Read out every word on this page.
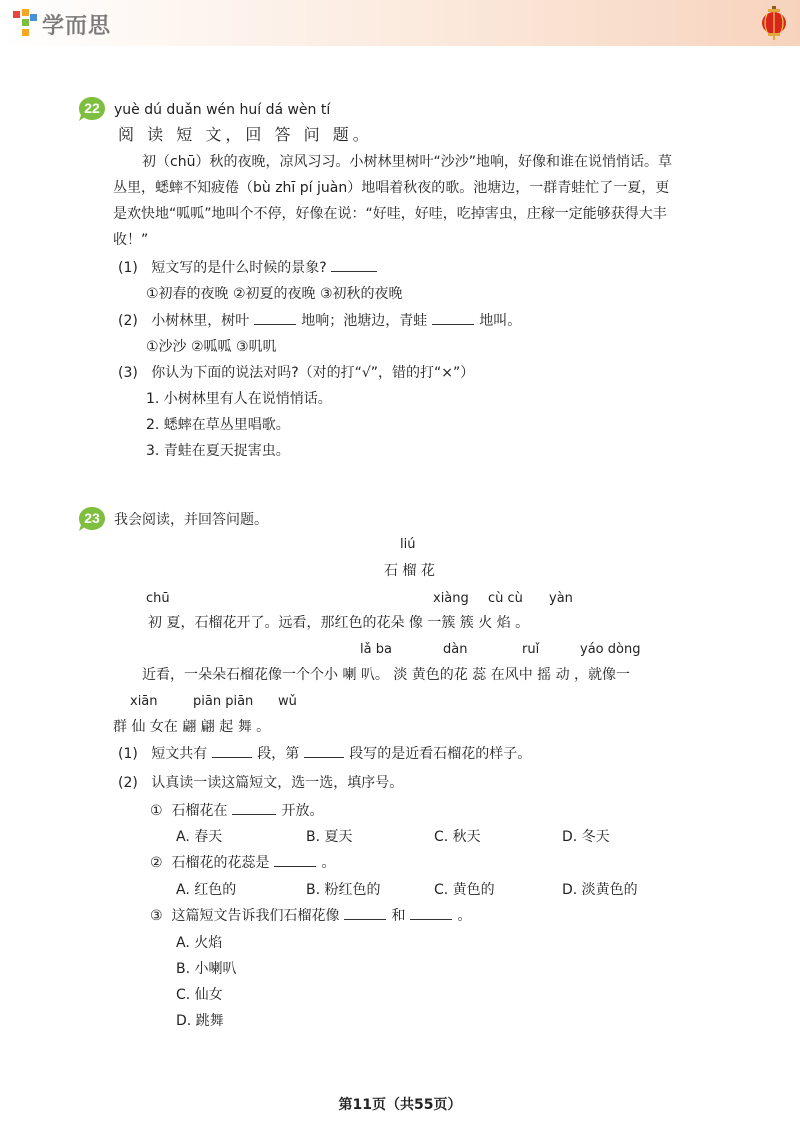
学而思
22 yuè dú duǎn wén huí dá wèn tí
阅 读 短 文，回 答 问 题。
初（chū）秋的夜晚，凉风习习。小树林里树叶“沙沙”地响，好像和谁在说悄悄话。草
丛里，蟋蟀不知疲倦（bù zhī pí juàn）地唱着秋夜的歌。池塘边，一群青蛙忙了一夏，更
是欢快地“呱呱”地叫个不停，好像在说：“好哇，好哇，吃掉害虫，庄稼一定能够获得大丰
收！”
(1) 短文写的是什么时候的景象?
①初春的夜晚 ②初夏的夜晚 ③初秋的夜晚
(2) 小树林里，树叶	地响；池塘边，青蛙	地叫。
①沙沙 ②呱呱 ③叽叽
(3) 你认为下面的说法对吗?（对的打“√”，错的打“×”）
1. 小树林里有人在说悄悄话。
2. 蟋蟀在草丛里唱歌。
3. 青蛙在夏天捉害虫。
23 我会阅读，并回答问题。
liú
石 榴 花
chū	xiàng cù cù yàn
初 夏，石榴花开了。远看，那红色的花朵 像 一簇 簇 火 焰 。
lǎ ba	dàn	ruǐ	yáo dòng
近看，一朵朵石榴花像一个个小 喇 叭。 淡 黄色的花 蕊 在风中 摇 动 ，就像一
xiān	piān piān wǔ
群 仙 女在 翩 翩 起 舞 。
(1) 短文共有	段，第	段写的是近看石榴花的样子。
(2) 认真读一读这篇短文，选一选，填序号。
① 石榴花在	开放。
A. 春天	B. 夏天	C. 秋天	D. 冬天
② 石榴花的花蕊是	。
A. 红色的	B. 粉红色的	C. 黄色的	D. 淡黄色的
③ 这篇短文告诉我们石榴花像	和	。
A. 火焰
B. 小喇叭
C. 仙女
D. 跳舞
第11页（共55页）
